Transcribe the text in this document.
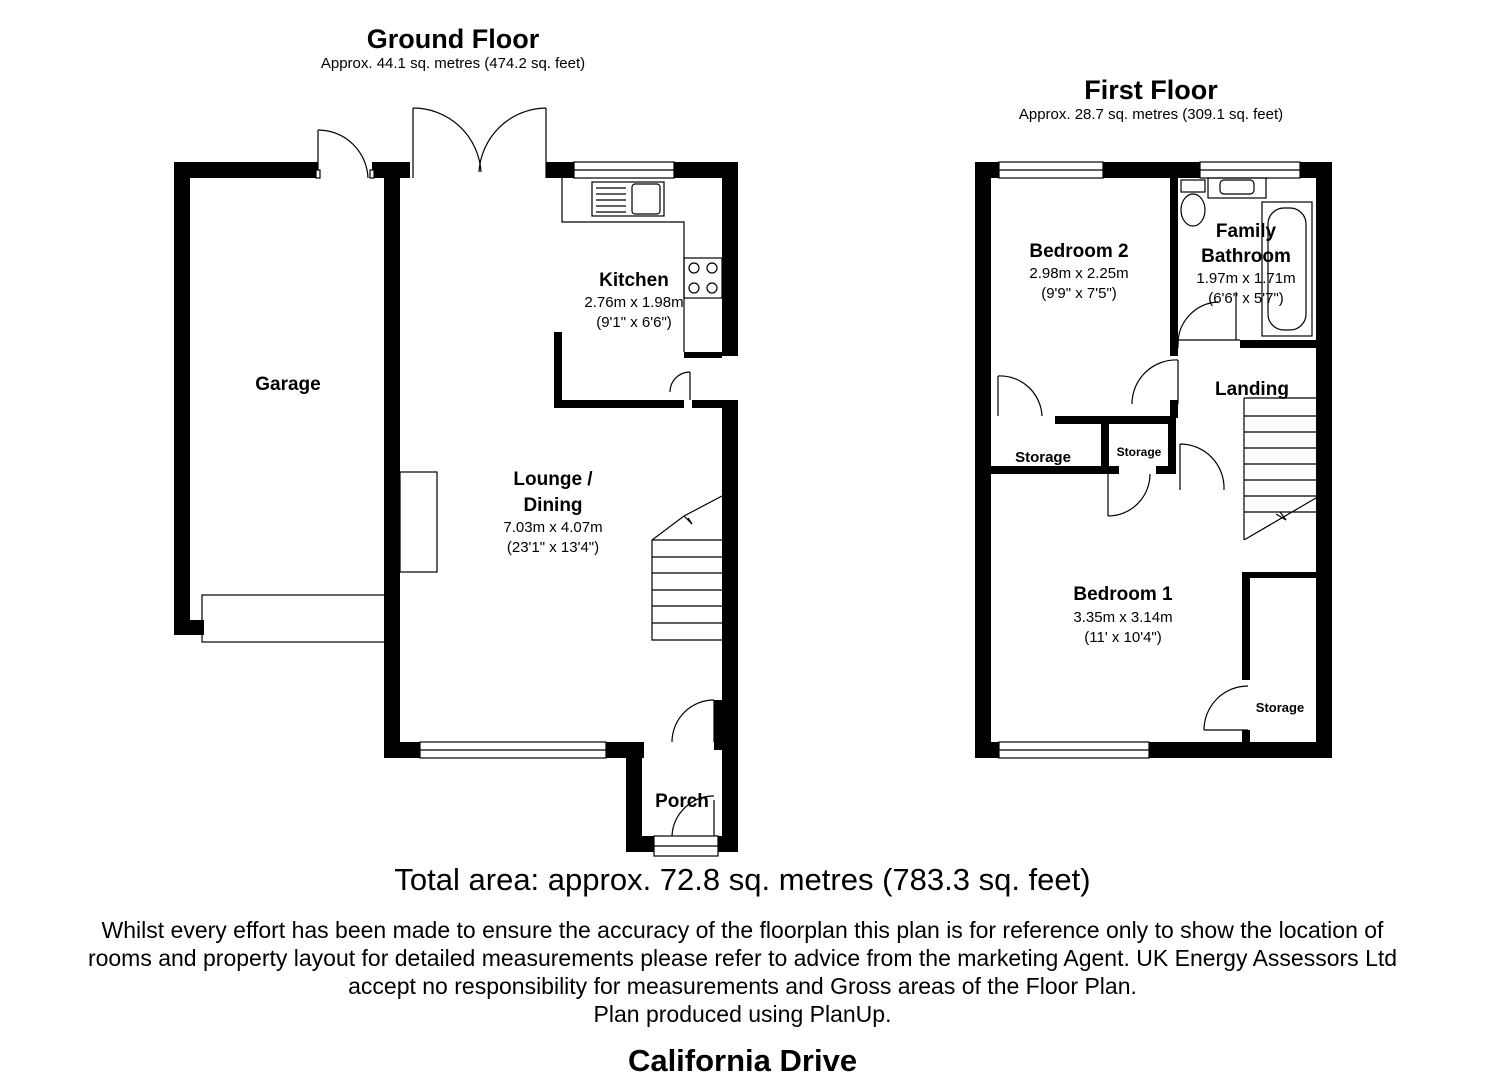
Ground Floor
Approx. 44.1 sq. metres (474.2 sq. feet)
First Floor
Approx. 28.7 sq. metres (309.1 sq. feet)
Garage
Kitchen
2.76m x 1.98m
(9'1" x 6'6")
Lounge /
Dining
7.03m x 4.07m
(23'1" x 13'4")
Porch
Bedroom 2
2.98m x 2.25m
(9'9" x 7'5")
Family
Bathroom
1.97m x 1.71m
(6'6" x 5'7")
Landing
Storage	Storage
Bedroom 1
3.35m x 3.14m
(11' x 10'4")
Storage
Total area: approx. 72.8 sq. metres (783.3 sq. feet)
Whilst every effort has been made to ensure the accuracy of the floorplan this plan is for reference only to show the location of
rooms and property layout for detailed measurements please refer to advice from the marketing Agent. UK Energy Assessors Ltd
accept no responsibility for measurements and Gross areas of the Floor Plan.
Plan produced using PlanUp.
California Drive
